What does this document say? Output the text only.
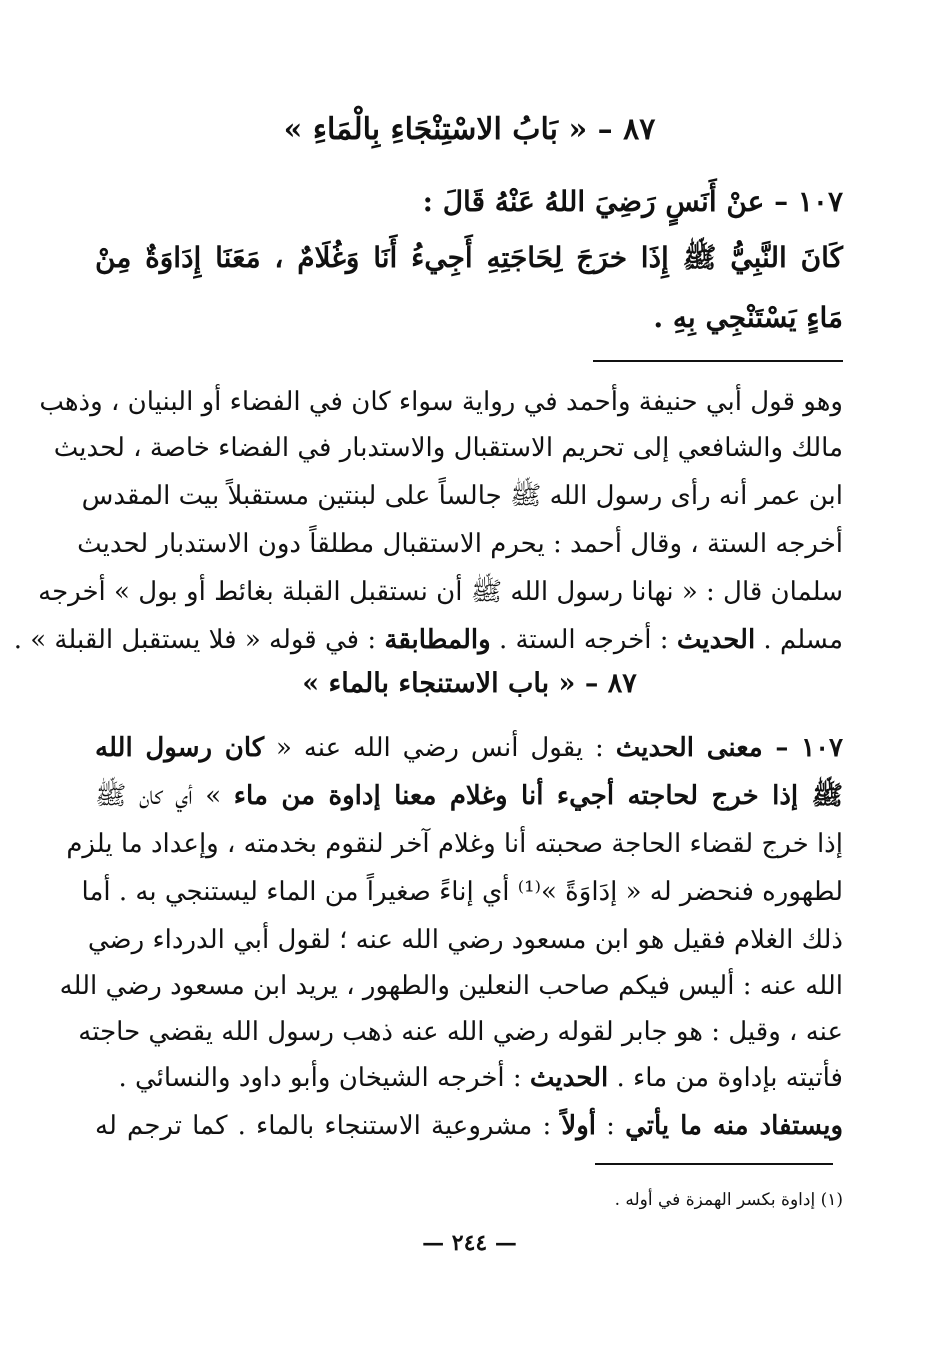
٨٧ – « بَابُ الاسْتِنْجَاءِ بِالْمَاءِ »
١٠٧ – عنْ أَنَسٍ رَضِيَ اللهُ عَنْهُ قَالَ :
كَانَ النَّبِيُّ ﷺ إِذَا خرَجَ لِحَاجَتِهِ أَجِيءُ أَنَا وَغُلَامٌ ، مَعَنَا إِدَاوَةٌ مِنْ
مَاءٍ يَسْتَنْجِي بِهِ .
وهو قول أبي حنيفة وأحمد في رواية سواء كان في الفضاء أو البنيان ، وذهب
مالك والشافعي إلى تحريم الاستقبال والاستدبار في الفضاء خاصة ، لحديث
ابن عمر أنه رأى رسول الله ﷺ جالساً على لبنتين مستقبلاً بيت المقدس
أخرجه الستة ، وقال أحمد : يحرم الاستقبال مطلقاً دون الاستدبار لحديث
سلمان قال : « نهانا رسول الله ﷺ أن نستقبل القبلة بغائط أو بول » أخرجه
مسلم . الحديث : أخرجه الستة . والمطابقة : في قوله « فلا يستقبل القبلة » .
٨٧ – « باب الاستنجاء بالماء »
١٠٧ – معنى الحديث : يقول أنس رضي الله عنه « كان رسول الله
ﷺ إذا خرج لحاجته أجيء أنا وغلام معنا إداوة من ماء » أي كان ﷺ
إذا خرج لقضاء الحاجة صحبته أنا وغلام آخر لنقوم بخدمته ، وإعداد ما يلزم
لطهوره فنحضر له « إدَاوَةً »⁽¹⁾ أي إناءً صغيراً من الماء ليستنجي به . أما
ذلك الغلام فقيل هو ابن مسعود رضي الله عنه ؛ لقول أبي الدرداء رضي
الله عنه : أليس فيكم صاحب النعلين والطهور ، يريد ابن مسعود رضي الله
عنه ، وقيل : هو جابر لقوله رضي الله عنه ذهب رسول الله يقضي حاجته
فأتيته بإداوة من ماء . الحديث : أخرجه الشيخان وأبو داود والنسائي .
ويستفاد منه ما يأتي : أولاً : مشروعية الاستنجاء بالماء . كما ترجم له
(١) إداوة بكسر الهمزة في أوله .
— ٢٤٤ —
